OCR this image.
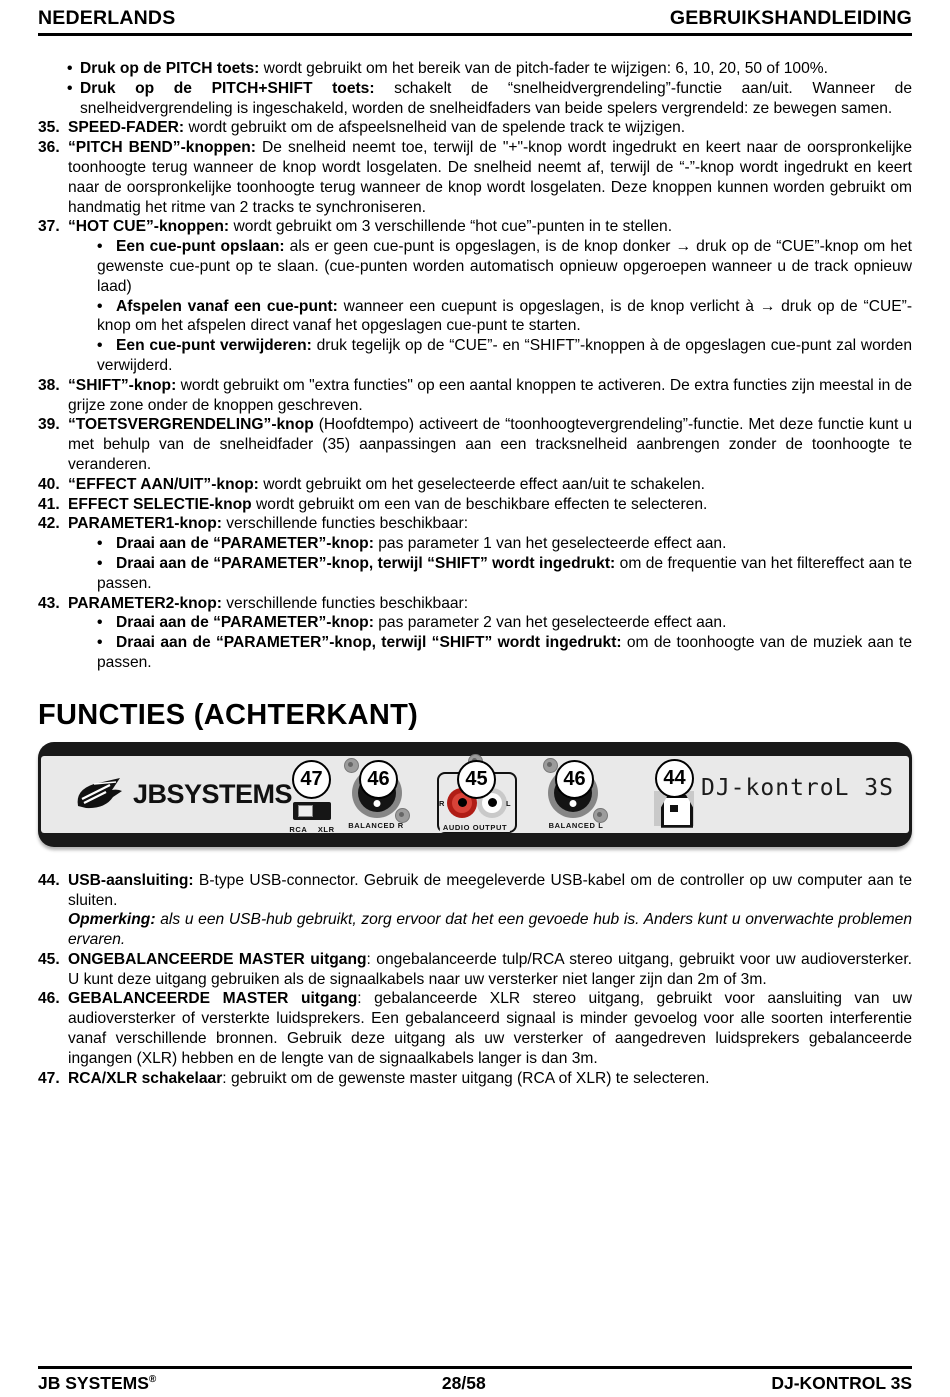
NEDERLANDS	GEBRUIKSHANDLEIDING
• Druk op de PITCH toets: wordt gebruikt om het bereik van de pitch-fader te wijzigen: 6, 10, 20, 50 of 100%.
• Druk op de PITCH+SHIFT toets: schakelt de “snelheidvergrendeling”-functie aan/uit. Wanneer de snelheidvergrendeling is ingeschakeld, worden de snelheidfaders van beide spelers vergrendeld: ze bewegen samen.
35. SPEED-FADER: wordt gebruikt om de afspeelsnelheid van de spelende track te wijzigen.
36. “PITCH BEND”-knoppen: De snelheid neemt toe, terwijl de "+"-knop wordt ingedrukt en keert naar de oorspronkelijke toonhoogte terug wanneer de knop wordt losgelaten. De snelheid neemt af, terwijl de “-”-knop wordt ingedrukt en keert naar de oorspronkelijke toonhoogte terug wanneer de knop wordt losgelaten. Deze knoppen kunnen worden gebruikt om handmatig het ritme van 2 tracks te synchroniseren.
37. “HOT CUE”-knoppen: wordt gebruikt om 3 verschillende “hot cue”-punten in te stellen.
• Een cue-punt opslaan: als er geen cue-punt is opgeslagen, is de knop donker → druk op de “CUE”-knop om het gewenste cue-punt op te slaan. (cue-punten worden automatisch opnieuw opgeroepen wanneer u de track opnieuw laad)
• Afspelen vanaf een cue-punt: wanneer een cuepunt is opgeslagen, is de knop verlicht à → druk op de “CUE”-knop om het afspelen direct vanaf het opgeslagen cue-punt te starten.
• Een cue-punt verwijderen: druk tegelijk op de “CUE”- en “SHIFT”-knoppen à de opgeslagen cue-punt zal worden verwijderd.
38. “SHIFT”-knop: wordt gebruikt om "extra functies" op een aantal knoppen te activeren. De extra functies zijn meestal in de grijze zone onder de knoppen geschreven.
39. “TOETSVERGRENDELING”-knop (Hoofdtempo) activeert de “toonhoogtevergrendeling”-functie. Met deze functie kunt u met behulp van de snelheidfader (35) aanpassingen aan een tracksnelheid aanbrengen zonder de toonhoogte te veranderen.
40. “EFFECT AAN/UIT”-knop: wordt gebruikt om het geselecteerde effect aan/uit te schakelen.
41. EFFECT SELECTIE-knop wordt gebruikt om een van de beschikbare effecten te selecteren.
42. PARAMETER1-knop: verschillende functies beschikbaar:
• Draai aan de “PARAMETER”-knop: pas parameter 1 van het geselecteerde effect aan.
• Draai aan de “PARAMETER”-knop, terwijl “SHIFT” wordt ingedrukt: om de frequentie van het filtereffect aan te passen.
43. PARAMETER2-knop: verschillende functies beschikbaar:
• Draai aan de “PARAMETER”-knop: pas parameter 2 van het geselecteerde effect aan.
• Draai aan de “PARAMETER”-knop, terwijl “SHIFT” wordt ingedrukt: om de toonhoogte van de muziek aan te passen.
FUNCTIES (ACHTERKANT)
JBSYSTEMS
RCA XLR BALANCED R
R	L
AUDIO OUTPUT	BALANCED L
47	46	45	46	44 DJ-kontroL 3S
44. USB-aansluiting: B-type USB-connector. Gebruik de meegeleverde USB-kabel om de controller op uw computer aan te sluiten.
Opmerking: als u een USB-hub gebruikt, zorg ervoor dat het een gevoede hub is. Anders kunt u onverwachte problemen ervaren.
45. ONGEBALANCEERDE MASTER uitgang: ongebalanceerde tulp/RCA stereo uitgang, gebruikt voor uw audioversterker. U kunt deze uitgang gebruiken als de signaalkabels naar uw versterker niet langer zijn dan 2m of 3m.
46. GEBALANCEERDE MASTER uitgang: gebalanceerde XLR stereo uitgang, gebruikt voor aansluiting van uw audioversterker of versterkte luidsprekers. Een gebalanceerd signaal is minder gevoelog voor alle soorten interferentie vanaf verschillende bronnen. Gebruik deze uitgang als uw versterker of aangedreven luidsprekers gebalanceerde ingangen (XLR) hebben en de lengte van de signaalkabels langer is dan 3m.
47. RCA/XLR schakelaar: gebruikt om de gewenste master uitgang (RCA of XLR) te selecteren.
JB SYSTEMS®	28/58	DJ-KONTROL 3S
